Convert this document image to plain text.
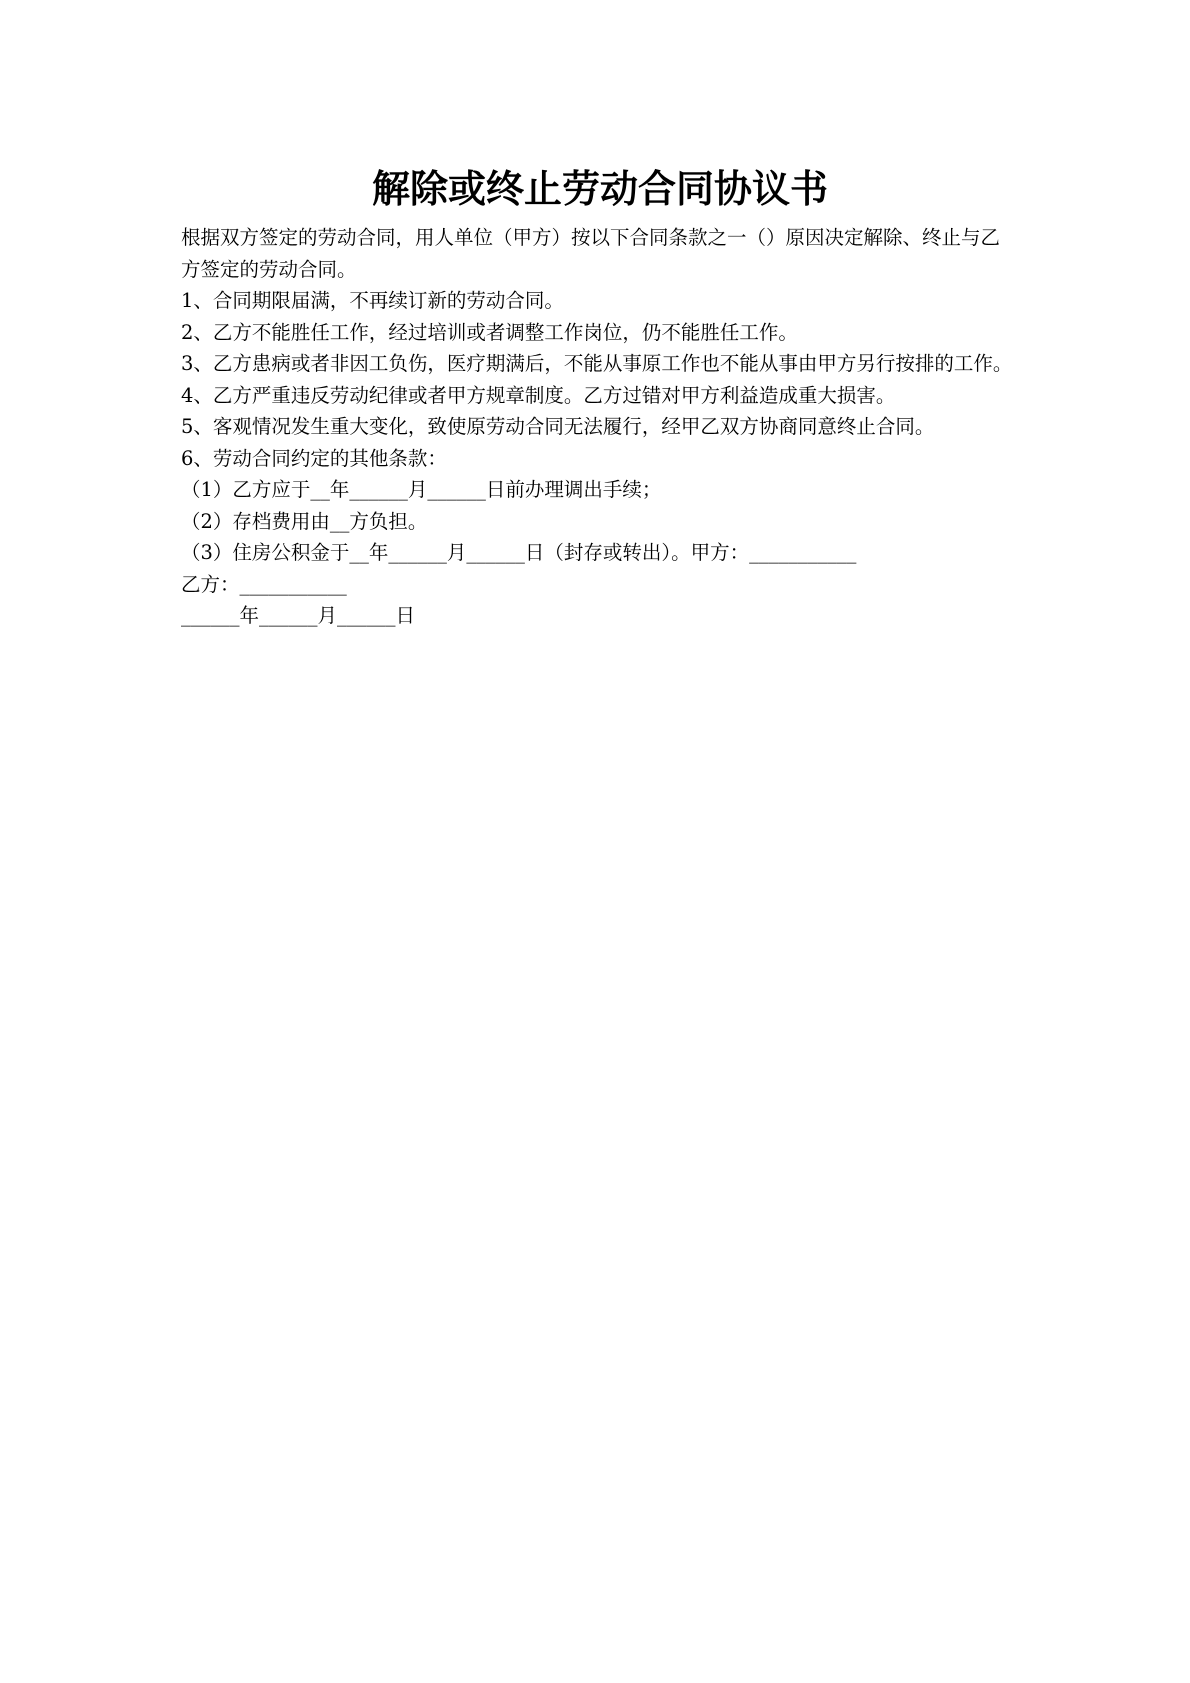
解除或终止劳动合同协议书

根据双方签定的劳动合同，用人单位（甲方）按以下合同条款之一（）原因决定解除、终止与乙方签定的劳动合同。

1、合同期限届满，不再续订新的劳动合同。

2、乙方不能胜任工作，经过培训或者调整工作岗位，仍不能胜任工作。

3、乙方患病或者非因工负伤，医疗期满后，不能从事原工作也不能从事由甲方另行按排的工作。

4、乙方严重违反劳动纪律或者甲方规章制度。乙方过错对甲方利益造成重大损害。

5、客观情况发生重大变化，致使原劳动合同无法履行，经甲乙双方协商同意终止合同。

6、劳动合同约定的其他条款：

（1）乙方应于__年______月______日前办理调出手续；

（2）存档费用由__方负担。

（3）住房公积金于__年______月______日（封存或转出）。甲方：___________

乙方：___________

______年______月______日
